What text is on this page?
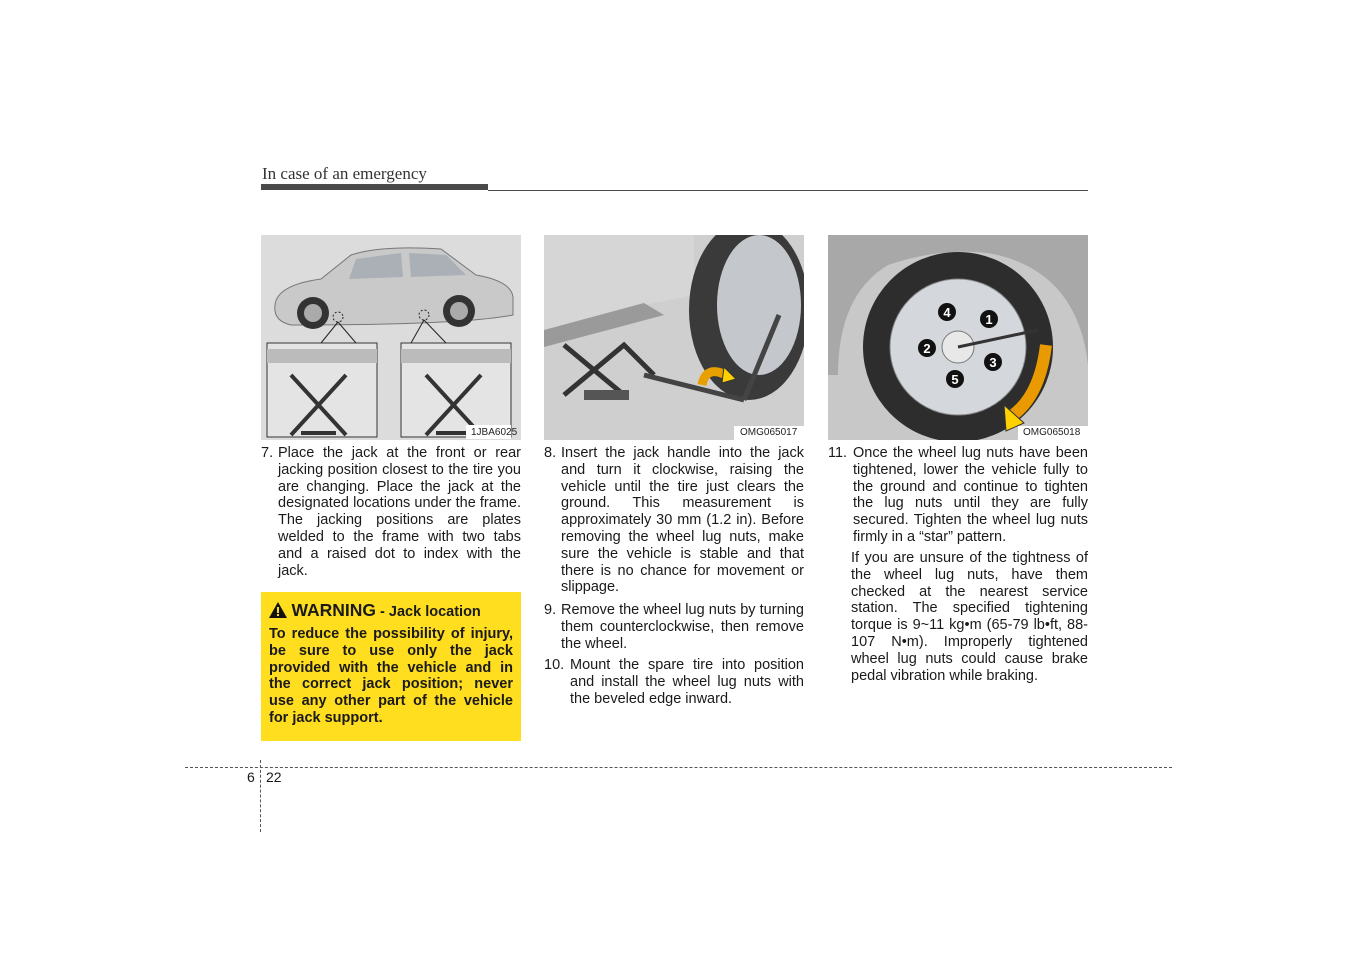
In case of an emergency
1JBA6025	OMG065017
1
2
3
4
5
OMG065018
7. Place the jack at the front or rear jacking position closest to the tire you are changing. Place the jack at the designated locations under the frame. The jacking positions are plates welded to the frame with two tabs and a raised dot to index with the jack.
WARNING - Jack location
To reduce the possibility of injury, be sure to use only the jack provided with the vehicle and in the correct jack position; never use any other part of the vehicle for jack support.
8. Insert the jack handle into the jack and turn it clockwise, raising the vehicle until the tire just clears the ground. This measurement is approximately 30 mm (1.2 in). Before removing the wheel lug nuts, make sure the vehicle is stable and that there is no chance for movement or slippage.
9. Remove the wheel lug nuts by turning them counterclockwise, then remove the wheel.
10. Mount the spare tire into position and install the wheel lug nuts with the beveled edge inward.
11. Once the wheel lug nuts have been tightened, lower the vehicle fully to the ground and continue to tighten the lug nuts until they are fully secured. Tighten the wheel lug nuts firmly in a “star” pattern.
If you are unsure of the tightness of the wheel lug nuts, have them checked at the nearest service station. The specified tightening torque is 9~11 kg•m (65-79 lb•ft, 88-107 N•m). Improperly tightened wheel lug nuts could cause brake pedal vibration while braking.
6 22
